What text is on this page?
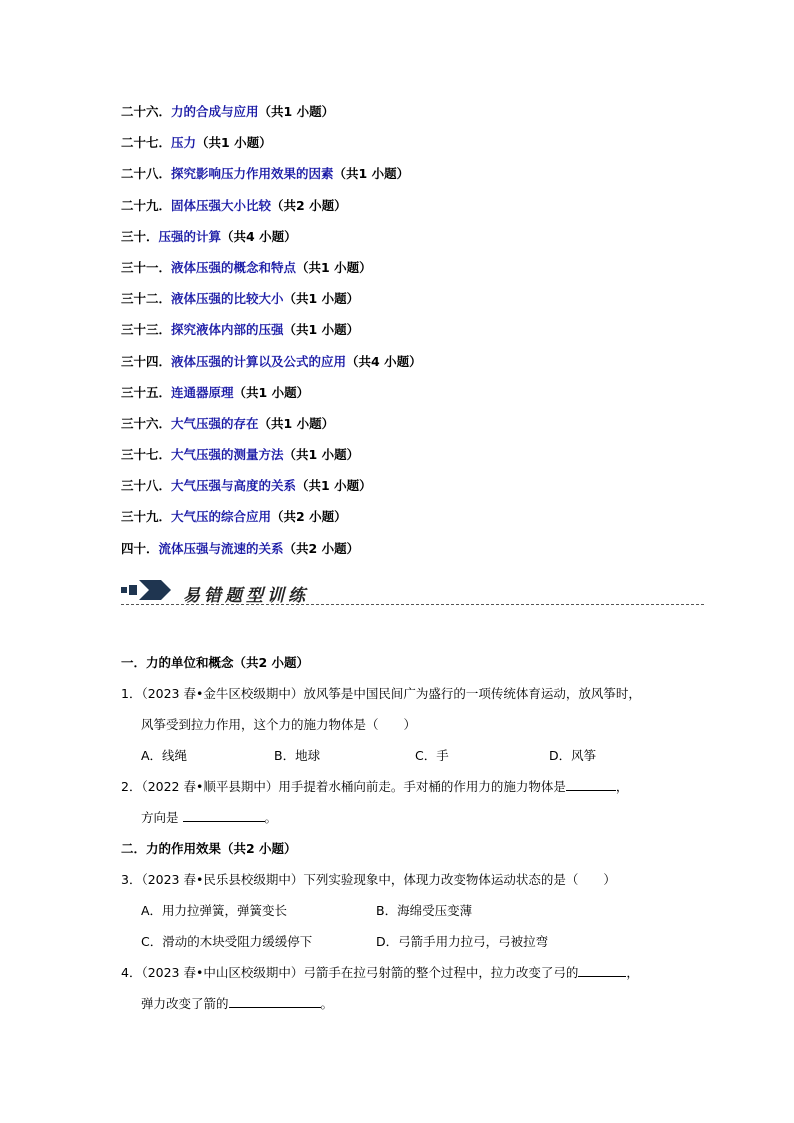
二十六．力的合成与应用（共1 小题）
二十七．压力（共1 小题）
二十八．探究影响压力作用效果的因素（共1 小题）
二十九．固体压强大小比较（共2 小题）
三十．压强的计算（共4 小题）
三十一．液体压强的概念和特点（共1 小题）
三十二．液体压强的比较大小（共1 小题）
三十三．探究液体内部的压强（共1 小题）
三十四．液体压强的计算以及公式的应用（共4 小题）
三十五．连通器原理（共1 小题）
三十六．大气压强的存在（共1 小题）
三十七．大气压强的测量方法（共1 小题）
三十八．大气压强与高度的关系（共1 小题）
三十九．大气压的综合应用（共2 小题）
四十．流体压强与流速的关系（共2 小题）
易错题型训练
一．力的单位和概念（共2 小题）
1．（2023 春•金牛区校级期中）放风筝是中国民间广为盛行的一项传统体育运动，放风筝时，
风筝受到拉力作用，这个力的施力物体是（　　）
A．线绳	B．地球	C．手	D．风筝
2．（2022 春•顺平县期中）用手提着水桶向前走。手对桶的作用力的施力物体是	，
方向是	。
二．力的作用效果（共2 小题）
3．（2023 春•民乐县校级期中）下列实验现象中，体现力改变物体运动状态的是（　　）
A．用力拉弹簧，弹簧变长	B．海绵受压变薄
C．滑动的木块受阻力缓缓停下	D．弓箭手用力拉弓，弓被拉弯
4．（2023 春•中山区校级期中）弓箭手在拉弓射箭的整个过程中，拉力改变了弓的	，
弹力改变了箭的	。
